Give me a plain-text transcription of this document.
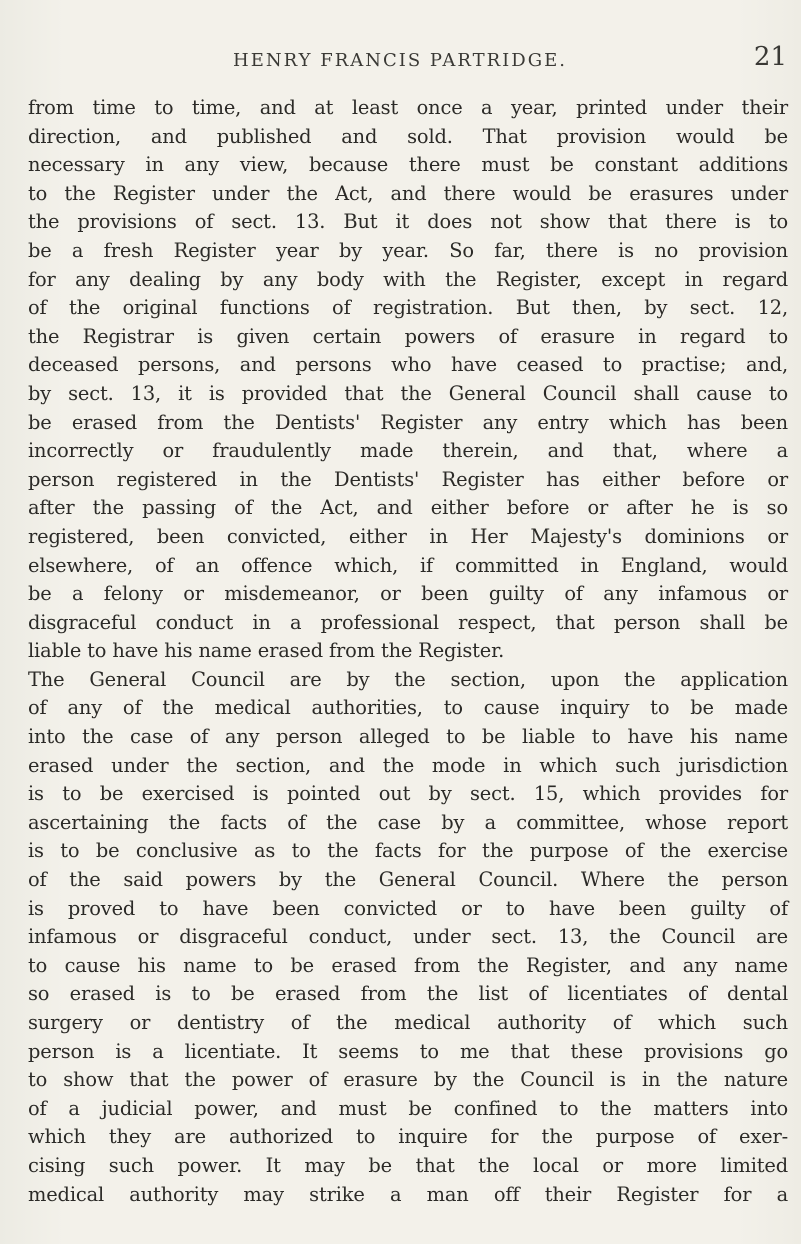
HENRY FRANCIS PARTRIDGE.	21
from time to time, and at least once a year, printed under their
direction, and published and sold. That provision would be
necessary in any view, because there must be constant additions
to the Register under the Act, and there would be erasures under
the provisions of sect. 13. But it does not show that there is to
be a fresh Register year by year. So far, there is no provision
for any dealing by any body with the Register, except in regard
of the original functions of registration. But then, by sect. 12,
the Registrar is given certain powers of erasure in regard to
deceased persons, and persons who have ceased to practise; and,
by sect. 13, it is provided that the General Council shall cause to
be erased from the Dentists' Register any entry which has been
incorrectly or fraudulently made therein, and that, where a
person registered in the Dentists' Register has either before or
after the passing of the Act, and either before or after he is so
registered, been convicted, either in Her Majesty's dominions or
elsewhere, of an offence which, if committed in England, would
be a felony or misdemeanor, or been guilty of any infamous or
disgraceful conduct in a professional respect, that person shall be
liable to have his name erased from the Register.
The General Council are by the section, upon the application
of any of the medical authorities, to cause inquiry to be made
into the case of any person alleged to be liable to have his name
erased under the section, and the mode in which such jurisdiction
is to be exercised is pointed out by sect. 15, which provides for
ascertaining the facts of the case by a committee, whose report
is to be conclusive as to the facts for the purpose of the exercise
of the said powers by the General Council. Where the person
is proved to have been convicted or to have been guilty of
infamous or disgraceful conduct, under sect. 13, the Council are
to cause his name to be erased from the Register, and any name
so erased is to be erased from the list of licentiates of dental
surgery or dentistry of the medical authority of which such
person is a licentiate. It seems to me that these provisions go
to show that the power of erasure by the Council is in the nature
of a judicial power, and must be confined to the matters into
which they are authorized to inquire for the purpose of exer-
cising such power. It may be that the local or more limited
medical authority may strike a man off their Register for a
